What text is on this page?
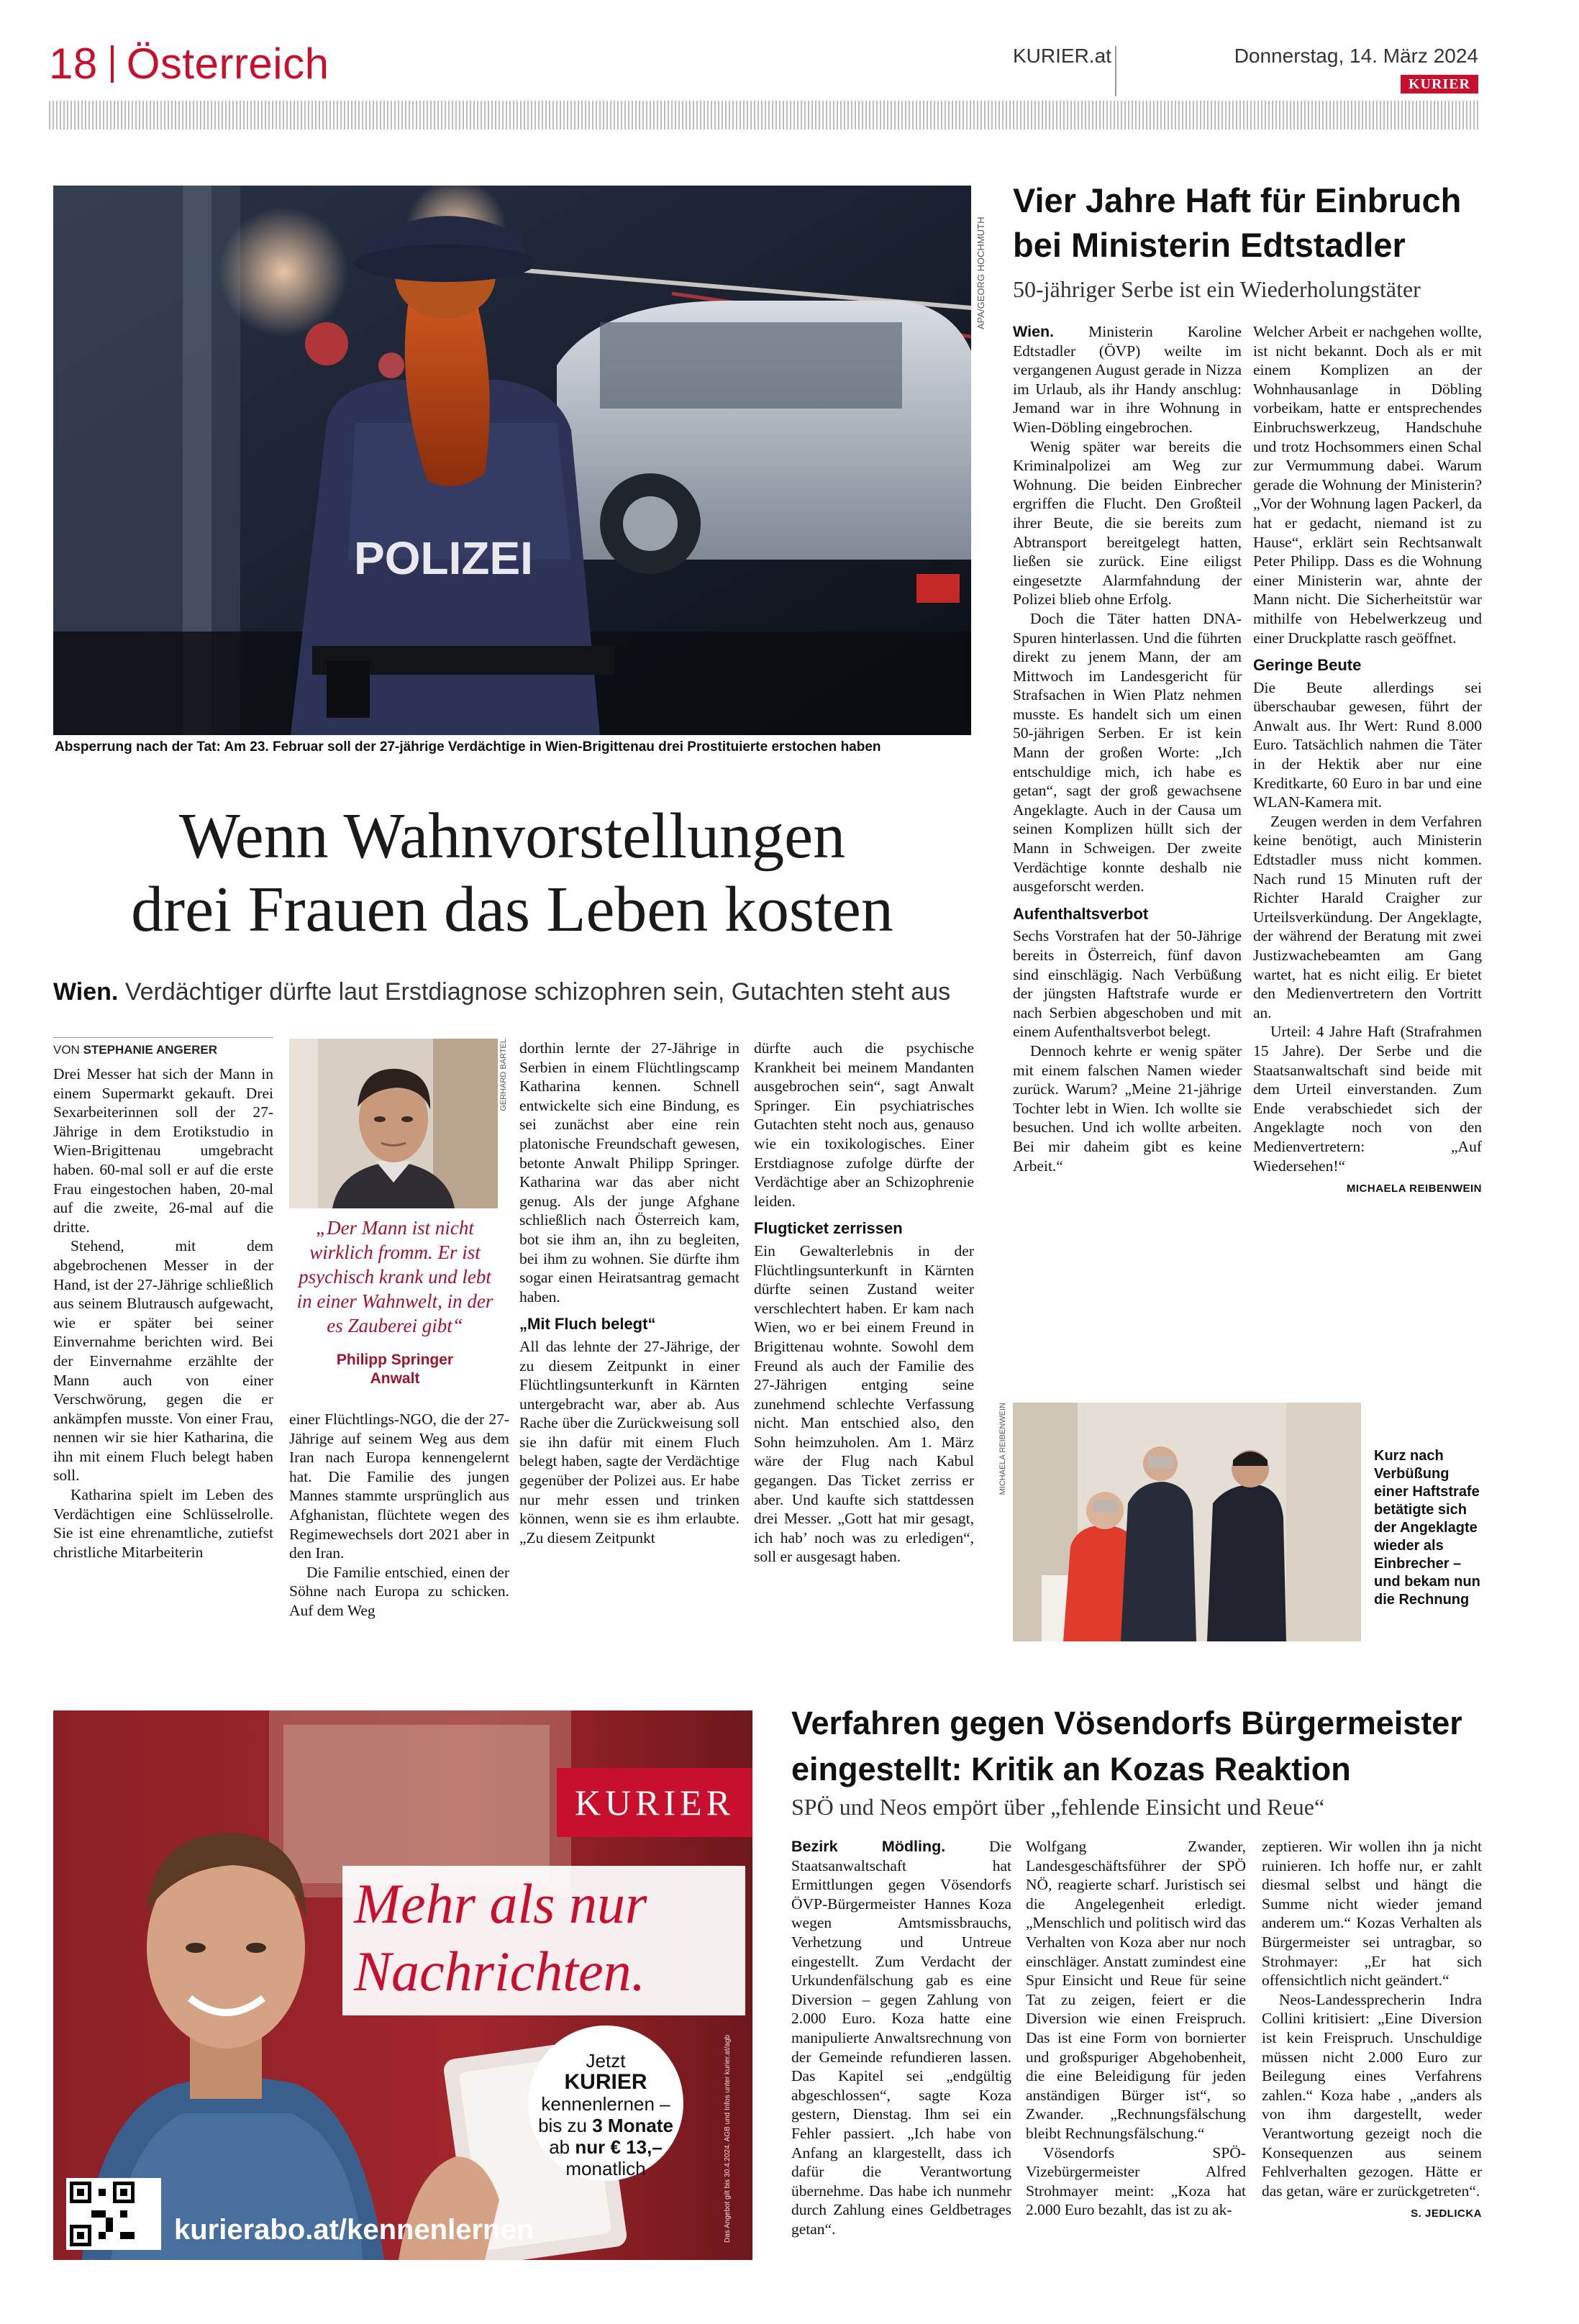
18 Österreich	KURIER.at	Donnerstag, 14. März 2024
KURIER
POLIZEI
APA/GEORG HOCHMUTH
Absperrung nach der Tat: Am 23. Februar soll der 27-jährige Verdächtige in Wien-Brigittenau drei Prostituierte erstochen haben
Wenn Wahnvorstellungen
drei Frauen das Leben kosten
Wien. Verdächtiger dürfte laut Erstdiagnose schizophren sein, Gutachten steht aus
VON STEPHANIE ANGERER

Drei Messer hat sich der Mann in einem Supermarkt gekauft. Drei Sexarbeiterinnen soll der 27-Jährige in dem Erotikstudio in Wien-Brigittenau umgebracht haben. 60-mal soll er auf die erste Frau eingestochen haben, 20-mal auf die zweite, 26-mal auf die dritte.

Stehend, mit dem abgebrochenen Messer in der Hand, ist der 27-Jährige schließlich aus seinem Blutrausch aufgewacht, wie er später bei seiner Einvernahme berichten wird. Bei der Einvernahme erzählte der Mann auch von einer Verschwörung, gegen die er ankämpfen musste. Von einer Frau, nennen wir sie hier Katharina, die ihn mit einem Fluch belegt haben soll.

Katharina spielt im Leben des Verdächtigen eine Schlüsselrolle. Sie ist eine ehrenamtliche, zutiefst christliche Mitarbeiterin

GERHARD BARTEL
„Der Mann ist nicht wirklich fromm. Er ist psychisch krank und lebt in einer Wahnwelt, in der es Zauberei gibt“
Philipp Springer
Anwalt

einer Flüchtlings-NGO, die der 27-Jährige auf seinem Weg aus dem Iran nach Europa kennengelernt hat. Die Familie des jungen Mannes stammte ursprünglich aus Afghanistan, flüchtete wegen des Regimewechsels dort 2021 aber in den Iran.

Die Familie entschied, einen der Söhne nach Europa zu schicken. Auf dem Weg

dorthin lernte der 27-Jährige in Serbien in einem Flüchtlingscamp Katharina kennen. Schnell entwickelte sich eine Bindung, es sei zunächst aber eine rein platonische Freundschaft gewesen, betonte Anwalt Philipp Springer. Katharina war das aber nicht genug. Als der junge Afghane schließlich nach Österreich kam, bot sie ihm an, ihn zu begleiten, bei ihm zu wohnen. Sie dürfte ihm sogar einen Heiratsantrag gemacht haben.

„Mit Fluch belegt“

All das lehnte der 27-Jährige, der zu diesem Zeitpunkt in einer Flüchtlingsunterkunft in Kärnten untergebracht war, aber ab. Aus Rache über die Zurückweisung soll sie ihn dafür mit einem Fluch belegt haben, sagte der Verdächtige gegenüber der Polizei aus. Er habe nur mehr essen und trinken können, wenn sie es ihm erlaubte. „Zu diesem Zeitpunkt

dürfte auch die psychische Krankheit bei meinem Mandanten ausgebrochen sein“, sagt Anwalt Springer. Ein psychiatrisches Gutachten steht noch aus, genauso wie ein toxikologisches. Einer Erstdiagnose zufolge dürfte der Verdächtige aber an Schizophrenie leiden.

Flugticket zerrissen

Ein Gewalterlebnis in der Flüchtlingsunterkunft in Kärnten dürfte seinen Zustand weiter verschlechtert haben. Er kam nach Wien, wo er bei einem Freund in Brigittenau wohnte. Sowohl dem Freund als auch der Familie des 27-Jährigen entging seine zunehmend schlechte Verfassung nicht. Man entschied also, den Sohn heimzuholen. Am 1. März wäre der Flug nach Kabul gegangen. Das Ticket zerriss er aber. Und kaufte sich stattdessen drei Messer. „Gott hat mir gesagt, ich hab’ noch was zu erledigen“, soll er ausgesagt haben.

Vier Jahre Haft für Einbruch bei Ministerin Edtstadler
50-jähriger Serbe ist ein Wiederholungstäter

Wien. Ministerin Karoline Edtstadler (ÖVP) weilte im vergangenen August gerade in Nizza im Urlaub, als ihr Handy anschlug: Jemand war in ihre Wohnung in Wien-Döbling eingebrochen.

Wenig später war bereits die Kriminalpolizei am Weg zur Wohnung. Die beiden Einbrecher ergriffen die Flucht. Den Großteil ihrer Beute, die sie bereits zum Abtransport bereitgelegt hatten, ließen sie zurück. Eine eiligst eingesetzte Alarmfahndung der Polizei blieb ohne Erfolg.

Doch die Täter hatten DNA-Spuren hinterlassen. Und die führten direkt zu jenem Mann, der am Mittwoch im Landesgericht für Strafsachen in Wien Platz nehmen musste. Es handelt sich um einen 50-jährigen Serben. Er ist kein Mann der großen Worte: „Ich entschuldige mich, ich habe es getan“, sagt der groß gewachsene Angeklagte. Auch in der Causa um seinen Komplizen hüllt sich der Mann in Schweigen. Der zweite Verdächtige konnte deshalb nie ausgeforscht werden.

Aufenthaltsverbot

Sechs Vorstrafen hat der 50-Jährige bereits in Österreich, fünf davon sind einschlägig. Nach Verbüßung der jüngsten Haftstrafe wurde er nach Serbien abgeschoben und mit einem Aufenthaltsverbot belegt.

Dennoch kehrte er wenig später mit einem falschen Namen wieder zurück. Warum? „Meine 21-jährige Tochter lebt in Wien. Ich wollte sie besuchen. Und ich wollte arbeiten. Bei mir daheim gibt es keine Arbeit.“

Welcher Arbeit er nachgehen wollte, ist nicht bekannt. Doch als er mit einem Komplizen an der Wohnhausanlage in Döbling vorbeikam, hatte er entsprechendes Einbruchswerkzeug, Handschuhe und trotz Hochsommers einen Schal zur Vermummung dabei. Warum gerade die Wohnung der Ministerin? „Vor der Wohnung lagen Packerl, da hat er gedacht, niemand ist zu Hause“, erklärt sein Rechtsanwalt Peter Philipp. Dass es die Wohnung einer Ministerin war, ahnte der Mann nicht. Die Sicherheitstür war mithilfe von Hebelwerkzeug und einer Druckplatte rasch geöffnet.

Geringe Beute

Die Beute allerdings sei überschaubar gewesen, führt der Anwalt aus. Ihr Wert: Rund 8.000 Euro. Tatsächlich nahmen die Täter in der Hektik aber nur eine Kreditkarte, 60 Euro in bar und eine WLAN-Kamera mit.

Zeugen werden in dem Verfahren keine benötigt, auch Ministerin Edtstadler muss nicht kommen. Nach rund 15 Minuten ruft der Richter Harald Craigher zur Urteilsverkündung. Der Angeklagte, der während der Beratung mit zwei Justizwachebeamten am Gang wartet, hat es nicht eilig. Er bietet den Medienvertretern den Vortritt an.

Urteil: 4 Jahre Haft (Strafrahmen 15 Jahre). Der Serbe und die Staatsanwaltschaft sind beide mit dem Urteil einverstanden. Zum Ende verabschiedet sich der Angeklagte noch von den Medienvertretern: „Auf Wiedersehen!“

MICHAELA REIBENWEIN
MICHAELA REIBENWEIN	Kurz nach Verbüßung einer Haftstrafe betätigte sich der Angeklagte wieder als Einbrecher – und bekam nun die Rechnung
KURIER
Mehr als nur
Nachrichten.
Jetzt
KURIER
kennenlernen –
bis zu 3 Monate
ab nur € 13,–
monatlich
kurierabo.at/kennenlernen	Das Angebot gilt bis 30.4.2024. AGB und Infos unter kurier.at/agb
Verfahren gegen Vösendorfs Bürgermeister eingestellt: Kritik an Kozas Reaktion
SPÖ und Neos empört über „fehlende Einsicht und Reue“

Bezirk Mödling.	Die Staatsanwaltschaft hat Ermittlungen gegen Vösendorfs ÖVP-Bürgermeister Hannes Koza wegen Amtsmissbrauchs, Verhetzung und Untreue eingestellt. Zum Verdacht der Urkundenfälschung gab es eine Diversion – gegen Zahlung von 2.000 Euro. Koza hatte eine manipulierte Anwaltsrechnung von der Gemeinde refundieren lassen. Das Kapitel sei „endgültig abgeschlossen“, sagte Koza gestern, Dienstag. Ihm sei ein Fehler passiert. „Ich habe von Anfang an klargestellt, dass ich dafür die Verantwortung übernehme. Das habe ich nunmehr durch Zahlung eines Geldbetrages getan“.

Wolfgang Zwander, Landesgeschäftsführer der SPÖ NÖ, reagierte scharf. Juristisch sei die Angelegenheit erledigt. „Menschlich und politisch wird das Verhalten von Koza aber nur noch einschläger. Anstatt zumindest eine Spur Einsicht und Reue für seine Tat zu zeigen, feiert er die Diversion wie einen Freispruch. Das ist eine Form von bornierter und großspuriger Abgehobenheit, die eine Beleidigung für jeden anständigen Bürger ist“, so Zwander. „Rechnungsfälschung bleibt Rechnungsfälschung.“

Vösendorfs SPÖ-Vizebürgermeister Alfred Strohmayer meint: „Koza hat 2.000 Euro bezahlt, das ist zu ak-

zeptieren. Wir wollen ihn ja nicht ruinieren. Ich hoffe nur, er zahlt diesmal selbst und hängt die Summe nicht wieder jemand anderem um.“ Kozas Verhalten als Bürgermeister sei untragbar, so Strohmayer: „Er hat sich offensichtlich nicht geändert.“

Neos-Landessprecherin Indra Collini kritisiert: „Eine Diversion ist kein Freispruch. Unschuldige müssen nicht 2.000 Euro zur Beilegung eines Verfahrens zahlen.“ Koza habe , „anders als von ihm dargestellt, weder Verantwortung gezeigt noch die Konsequenzen aus seinem Fehlverhalten gezogen. Hätte er das getan, wäre er zurückgetreten“.

S. JEDLICKA
